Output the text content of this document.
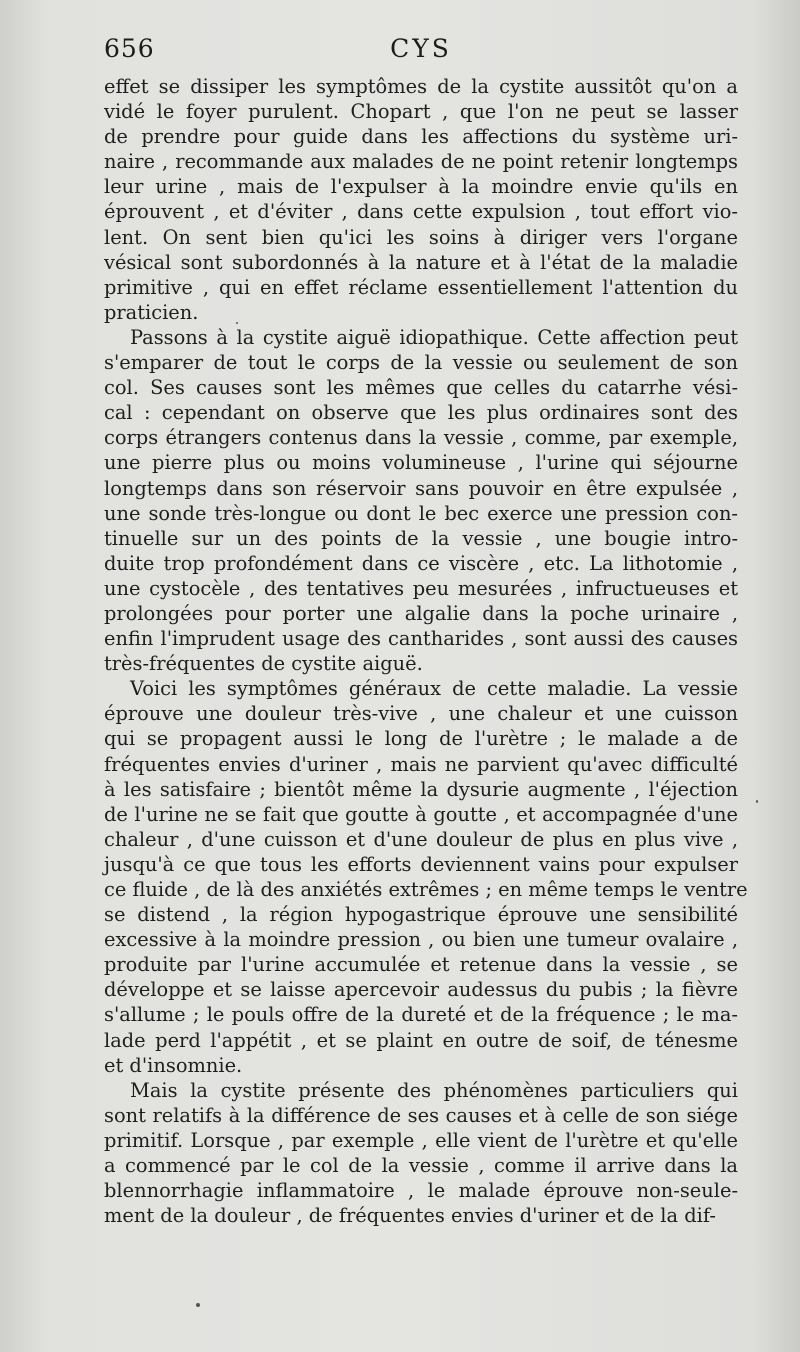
656	CYS
effet se dissiper les symptômes de la cystite aussitôt qu'on a
vidé le foyer purulent. Chopart , que l'on ne peut se lasser
de prendre pour guide dans les affections du système uri-
naire , recommande aux malades de ne point retenir longtemps
leur urine , mais de l'expulser à la moindre envie qu'ils en
éprouvent , et d'éviter , dans cette expulsion , tout effort vio-
lent. On sent bien qu'ici les soins à diriger vers l'organe
vésical sont subordonnés à la nature et à l'état de la maladie
primitive , qui en effet réclame essentiellement l'attention du
praticien.
Passons à la cystite aiguë idiopathique. Cette affection peut
s'emparer de tout le corps de la vessie ou seulement de son
col. Ses causes sont les mêmes que celles du catarrhe vési-
cal : cependant on observe que les plus ordinaires sont des
corps étrangers contenus dans la vessie , comme, par exemple,
une pierre plus ou moins volumineuse , l'urine qui séjourne
longtemps dans son réservoir sans pouvoir en être expulsée ,
une sonde très-longue ou dont le bec exerce une pression con-
tinuelle sur un des points de la vessie , une bougie intro-
duite trop profondément dans ce viscère , etc. La lithotomie ,
une cystocèle , des tentatives peu mesurées , infructueuses et
prolongées pour porter une algalie dans la poche urinaire ,
enfin l'imprudent usage des cantharides , sont aussi des causes
très-fréquentes de cystite aiguë.
Voici les symptômes généraux de cette maladie. La vessie
éprouve une douleur très-vive , une chaleur et une cuisson
qui se propagent aussi le long de l'urètre ; le malade a de
fréquentes envies d'uriner , mais ne parvient qu'avec difficulté
à les satisfaire ; bientôt même la dysurie augmente , l'éjection
de l'urine ne se fait que goutte à goutte , et accompagnée d'une
chaleur , d'une cuisson et d'une douleur de plus en plus vive ,
jusqu'à ce que tous les efforts deviennent vains pour expulser
ce fluide , de là des anxiétés extrêmes ; en même temps le ventre
se distend , la région hypogastrique éprouve une sensibilité
excessive à la moindre pression , ou bien une tumeur ovalaire ,
produite par l'urine accumulée et retenue dans la vessie , se
développe et se laisse apercevoir audessus du pubis ; la fièvre
s'allume ; le pouls offre de la dureté et de la fréquence ; le ma-
lade perd l'appétit , et se plaint en outre de soif, de ténesme
et d'insomnie.
Mais la cystite présente des phénomènes particuliers qui
sont relatifs à la différence de ses causes et à celle de son siége
primitif. Lorsque , par exemple , elle vient de l'urètre et qu'elle
a commencé par le col de la vessie , comme il arrive dans la
blennorrhagie inflammatoire , le malade éprouve non-seule-
ment de la douleur , de fréquentes envies d'uriner et de la dif-
